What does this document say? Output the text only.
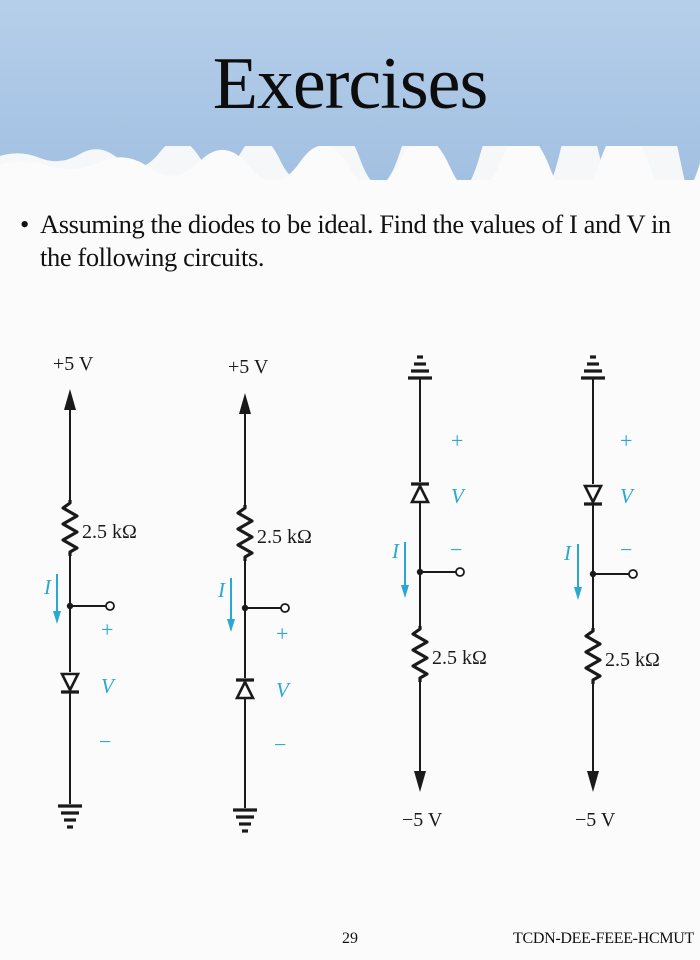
Exercises
• Assuming the diodes to be ideal. Find the values of I and V in the following circuits.
+5 V
2.5 kΩ
I
+
V
−
+5 V
2.5 kΩ
I
+
V
−
+
V
−
I
2.5 kΩ
−5 V
+
V
−
I
2.5 kΩ
−5 V
29	TCDN-DEE-FEEE-HCMUT
